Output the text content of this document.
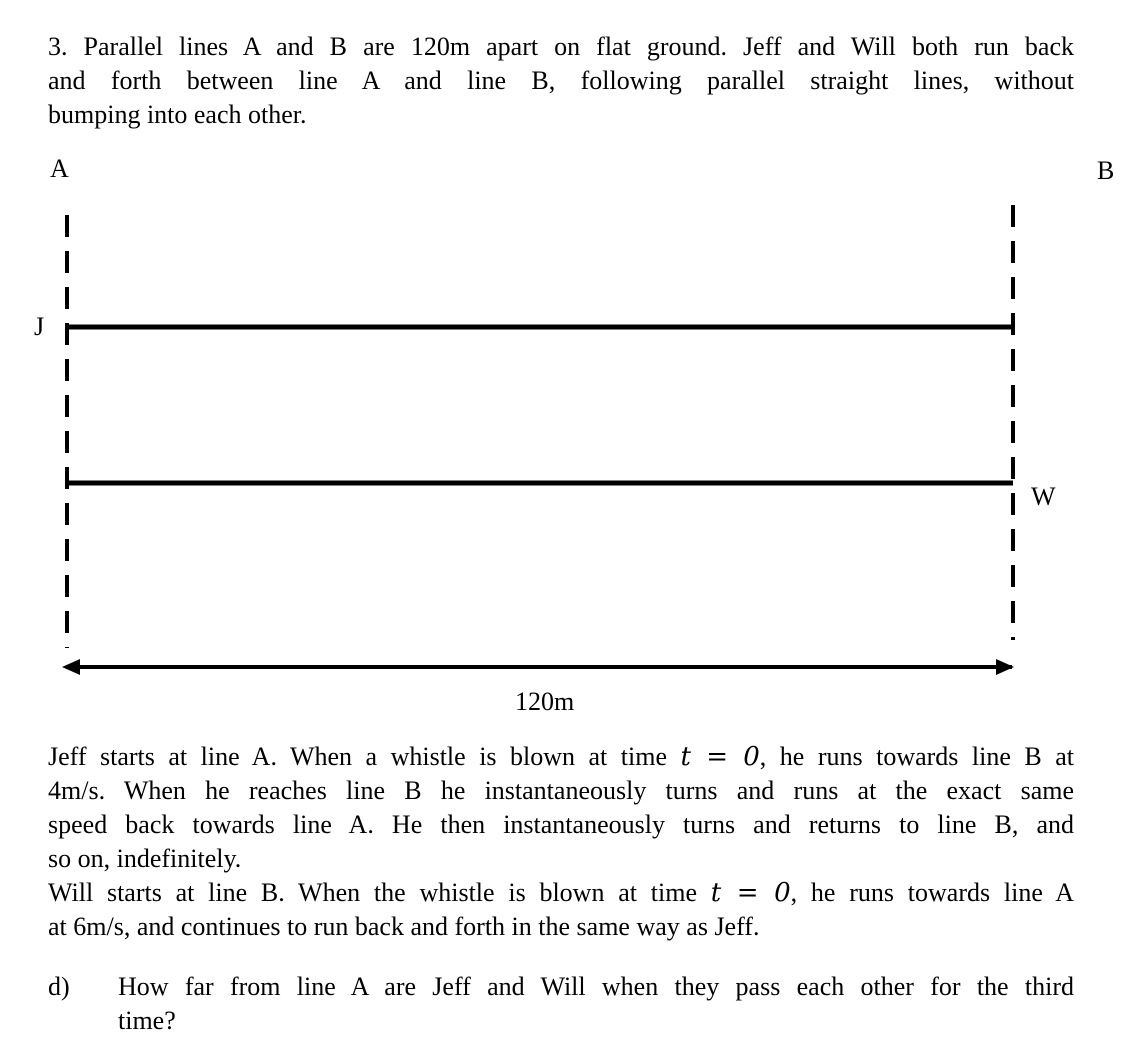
3. Parallel lines A and B are 120m apart on flat ground. Jeff and Will both run back
and forth between line A and line B, following parallel straight lines, without
bumping into each other.
A	B
J
W
120m
Jeff starts at line A. When a whistle is blown at time t = 0, he runs towards line B at
4m/s. When he reaches line B he instantaneously turns and runs at the exact same
speed back towards line A. He then instantaneously turns and returns to line B, and
so on, indefinitely.
Will starts at line B. When the whistle is blown at time t = 0, he runs towards line A
at 6m/s, and continues to run back and forth in the same way as Jeff.
d) How far from line A are Jeff and Will when they pass each other for the third
time?
